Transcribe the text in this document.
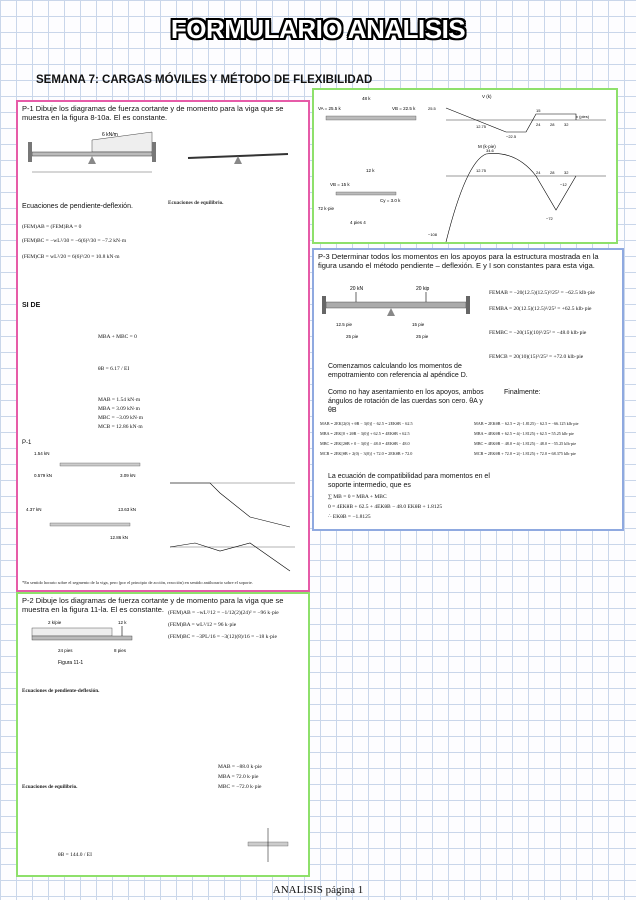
FORMULARIO ANALISIS
SEMANA 7: CARGAS MÓVILES Y MÉTODO DE FLEXIBILIDAD
P-1 Dibuje los diagramas de fuerza cortante y de momento para la viga que se muestra en la figura 8-10a. El es constante.
6 kN/m
Ecuaciones de pendiente-deflexión.
(FEM)AB = (FEM)BA = 0
(FEM)BC = −wL²/30 = −6(6)²/30 = −7.2 kN·m
(FEM)CB = wL²/20 = 6(6)²/20 = 10.8 kN·m
Ecuaciones de equilibrio.
SI DE
MBA + MBC = 0
θB = 6.17 / EI
MAB = 1.54 kN·m
MBA = 3.09 kN·m
MBC = −3.09 kN·m
MCB = 12.86 kN·m
P-1
1.54 kN
0.579 kN	3.09 kN
12.86 kN
4.37 kN	13.63 kN
*En sentido horario sobre el segmento de la viga, pero (por el principio de acción, reacción) en sentido antihorario sobre el soporte.
P-2 Dibuje los diagramas de fuerza cortante y de momento para la viga que se muestra en la figura 11-la. El es constante.
2 k/pie	12 k
24 pies	8 pies
Figura 11-1
(FEM)AB = −wL²/12 = −1/12(2)(24)² = −96 k·pie
(FEM)BA = wL²/12 = 96 k·pie
(FEM)BC = −3PL/16 = −3(12)(8)/16 = −18 k·pie
Ecuaciones de pendiente-deflexión.
Ecuaciones de equilibrio.
MAB = −88.0 k·pie
MBA = 72.0 k·pie
MBC = −72.0 k·pie
θB = 144.0 / EI
48 k
VA = 25.5 k	VB = 22.5 k
12 k
VB = 15 k
Cy = 3.0 k
72 k·pie
4 pies 4
V (k)
x (pies)
25.5
12.75
15
24 28 32
−22.5
M (k·pie)
34.6
12.75	24 28 32
−12
−108
−72
P-3 Determinar todos los momentos en los apoyos para la estructura mostrada en la figura usando el método pendiente – deflexión. E y I son constantes para esta viga.
20 kN	20 kip
12.5 pie	15 pie
25 pie	25 pie
FEMAB = −20(12.5)(12.5)²/25² = −62.5 klb·pie
FEMBA = 20(12.5)(12.5)²/25² = +62.5 klb·pie
FEMBC = −20(15)(10)²/25² = −48.0 klb·pie
FEMCB = 20(10)(15)²/25² = +72.0 klb·pie
Comenzamos calculando los momentos de empotramiento con referencia al apéndice D.
Como no hay asentamiento en los apoyos, ambos ángulos de rotación de las cuerdas son cero. θA y θB
Finalmente:
MAB = 2EK[2(0) + θB − 3(0)] − 62.5 = 2EKθB − 62.5
MBA = 2EK[0 + 2θB − 3(0)] + 62.5 = 4EKθB + 62.5
MBC = 2EK[2θB + 0 − 3(0)] − 48.0 = 4EKθB − 48.0
MCB = 2EK[θB + 2(0) − 3(0)] + 72.0 = 2EKθB + 72.0
MAB = 2EKθB − 62.5 = 2(−1.8125) − 62.5 = −66.125 klb·pie
MBA = 4EKθB + 62.5 = 4(−1.8125) + 62.5 = 55.25 klb·pie
MBC = 4EKθB − 48.0 = 4(−1.8125) − 48.0 = −55.25 klb·pie
MCB = 2EKθB + 72.0 = 2(−1.8125) + 72.0 = 68.375 klb·pie
La ecuación de compatibilidad para momentos en el soporte intermedio, que es
∑ MB = 0 = MBA + MBC
0 = 4EKθB + 62.5 + 4EKθB − 48.0 EKθB + 1.8125
∴ EKθB = −1.8125
ANALISIS página 1
